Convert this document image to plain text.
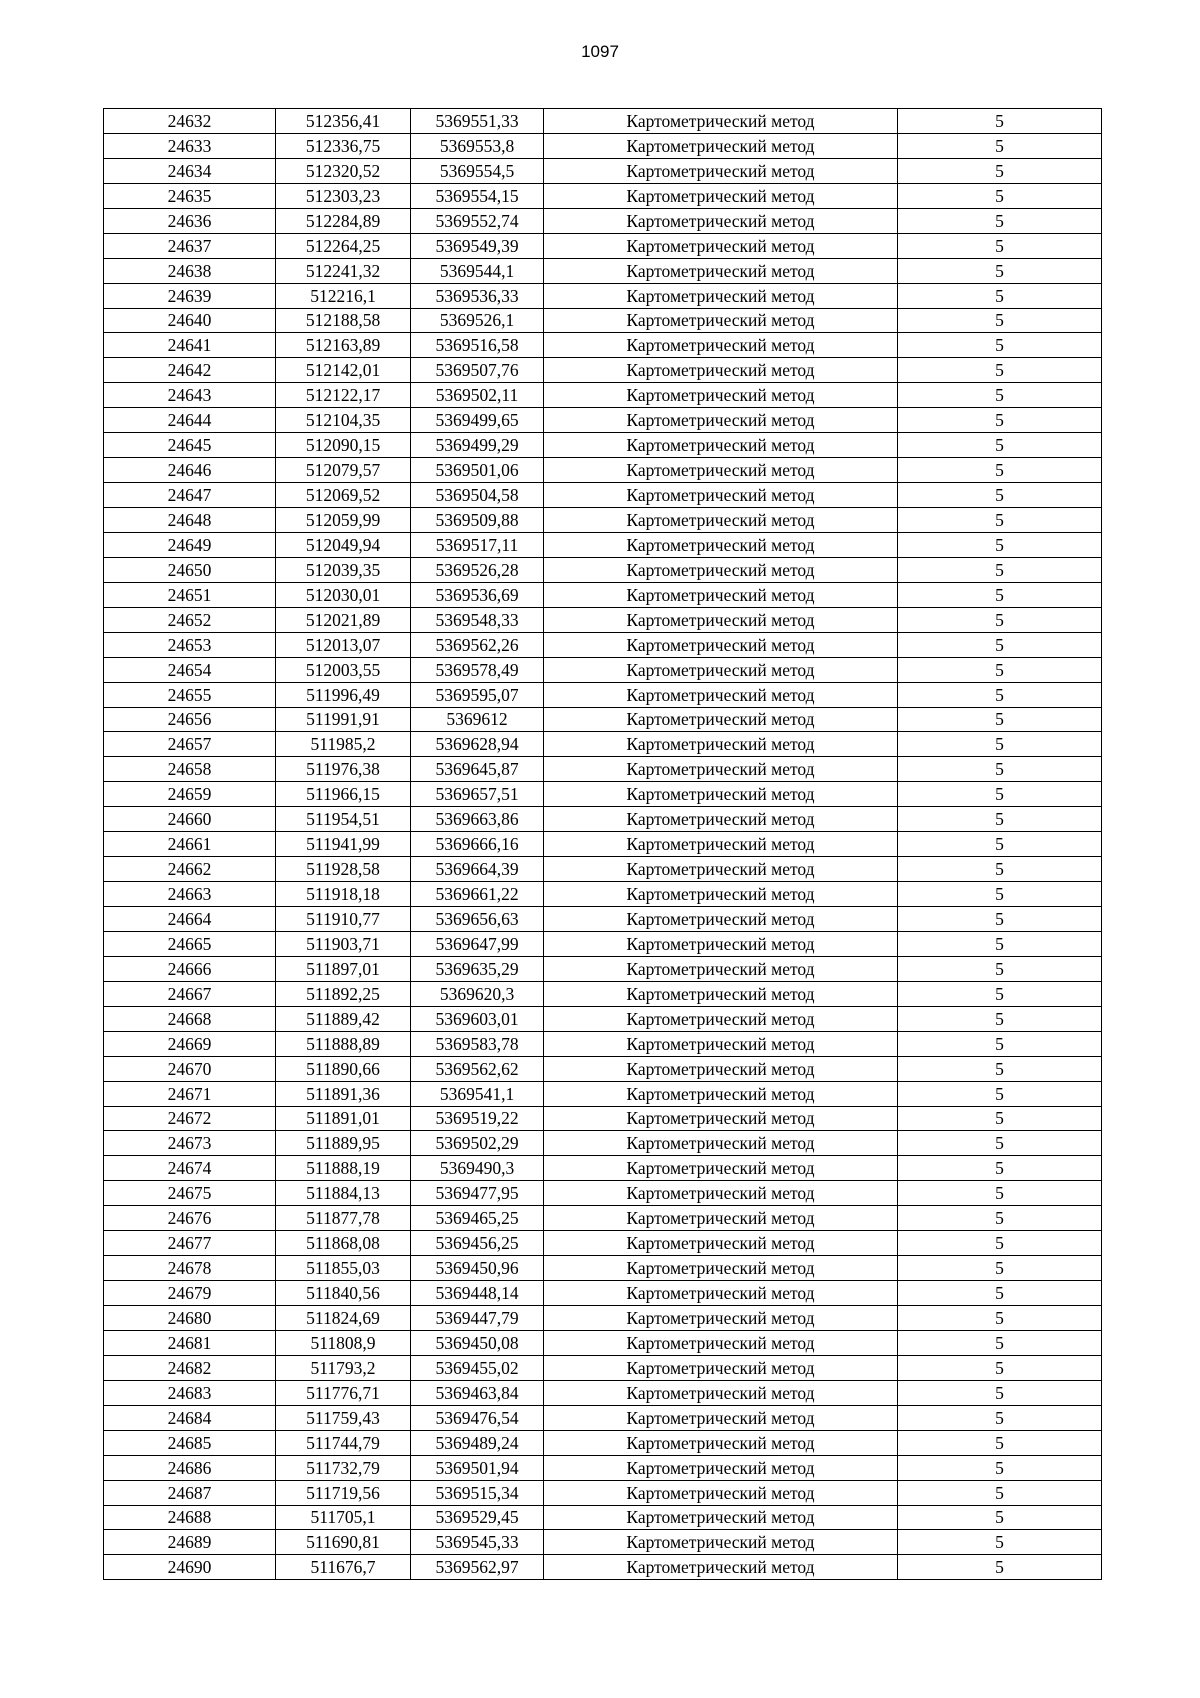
1097
24632	512356,41	5369551,33	Картометрический метод	5
24633	512336,75	5369553,8	Картометрический метод	5
24634	512320,52	5369554,5	Картометрический метод	5
24635	512303,23	5369554,15	Картометрический метод	5
24636	512284,89	5369552,74	Картометрический метод	5
24637	512264,25	5369549,39	Картометрический метод	5
24638	512241,32	5369544,1	Картометрический метод	5
24639	512216,1	5369536,33	Картометрический метод	5
24640	512188,58	5369526,1	Картометрический метод	5
24641	512163,89	5369516,58	Картометрический метод	5
24642	512142,01	5369507,76	Картометрический метод	5
24643	512122,17	5369502,11	Картометрический метод	5
24644	512104,35	5369499,65	Картометрический метод	5
24645	512090,15	5369499,29	Картометрический метод	5
24646	512079,57	5369501,06	Картометрический метод	5
24647	512069,52	5369504,58	Картометрический метод	5
24648	512059,99	5369509,88	Картометрический метод	5
24649	512049,94	5369517,11	Картометрический метод	5
24650	512039,35	5369526,28	Картометрический метод	5
24651	512030,01	5369536,69	Картометрический метод	5
24652	512021,89	5369548,33	Картометрический метод	5
24653	512013,07	5369562,26	Картометрический метод	5
24654	512003,55	5369578,49	Картометрический метод	5
24655	511996,49	5369595,07	Картометрический метод	5
24656	511991,91	5369612	Картометрический метод	5
24657	511985,2	5369628,94	Картометрический метод	5
24658	511976,38	5369645,87	Картометрический метод	5
24659	511966,15	5369657,51	Картометрический метод	5
24660	511954,51	5369663,86	Картометрический метод	5
24661	511941,99	5369666,16	Картометрический метод	5
24662	511928,58	5369664,39	Картометрический метод	5
24663	511918,18	5369661,22	Картометрический метод	5
24664	511910,77	5369656,63	Картометрический метод	5
24665	511903,71	5369647,99	Картометрический метод	5
24666	511897,01	5369635,29	Картометрический метод	5
24667	511892,25	5369620,3	Картометрический метод	5
24668	511889,42	5369603,01	Картометрический метод	5
24669	511888,89	5369583,78	Картометрический метод	5
24670	511890,66	5369562,62	Картометрический метод	5
24671	511891,36	5369541,1	Картометрический метод	5
24672	511891,01	5369519,22	Картометрический метод	5
24673	511889,95	5369502,29	Картометрический метод	5
24674	511888,19	5369490,3	Картометрический метод	5
24675	511884,13	5369477,95	Картометрический метод	5
24676	511877,78	5369465,25	Картометрический метод	5
24677	511868,08	5369456,25	Картометрический метод	5
24678	511855,03	5369450,96	Картометрический метод	5
24679	511840,56	5369448,14	Картометрический метод	5
24680	511824,69	5369447,79	Картометрический метод	5
24681	511808,9	5369450,08	Картометрический метод	5
24682	511793,2	5369455,02	Картометрический метод	5
24683	511776,71	5369463,84	Картометрический метод	5
24684	511759,43	5369476,54	Картометрический метод	5
24685	511744,79	5369489,24	Картометрический метод	5
24686	511732,79	5369501,94	Картометрический метод	5
24687	511719,56	5369515,34	Картометрический метод	5
24688	511705,1	5369529,45	Картометрический метод	5
24689	511690,81	5369545,33	Картометрический метод	5
24690	511676,7	5369562,97	Картометрический метод	5
